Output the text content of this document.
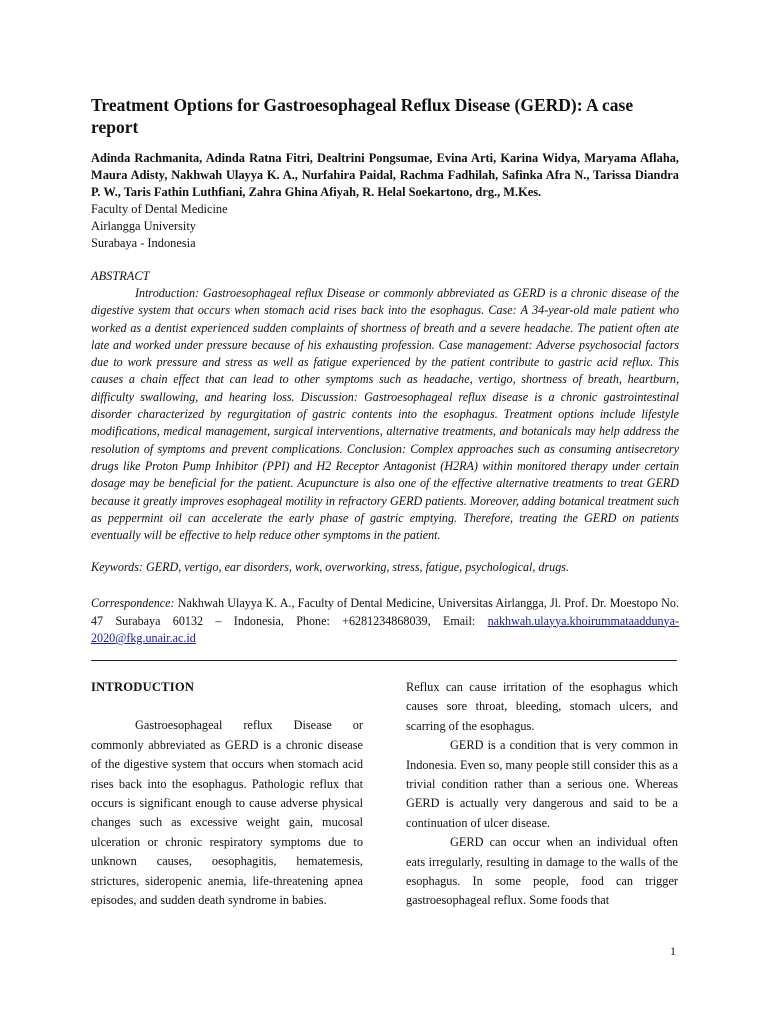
Treatment Options for Gastroesophageal Reflux Disease (GERD): A case report

Adinda Rachmanita, Adinda Ratna Fitri, Dealtrini Pongsumae, Evina Arti, Karina Widya, Maryama Aflaha, Maura Adisty, Nakhwah Ulayya K. A., Nurfahira Paidal, Rachma Fadhilah, Safinka Afra N., Tarissa Diandra P. W., Taris Fathin Luthfiani, Zahra Ghina Afiyah, R. Helal Soekartono, drg., M.Kes.

Faculty of Dental Medicine
Airlangga University
Surabaya - Indonesia
ABSTRACT

Introduction: Gastroesophageal reflux Disease or commonly abbreviated as GERD is a chronic disease of the digestive system that occurs when stomach acid rises back into the esophagus. Case: A 34-year-old male patient who worked as a dentist experienced sudden complaints of shortness of breath and a severe headache. The patient often ate late and worked under pressure because of his exhausting profession. Case management: Adverse psychosocial factors due to work pressure and stress as well as fatigue experienced by the patient contribute to gastric acid reflux. This causes a chain effect that can lead to other symptoms such as headache, vertigo, shortness of breath, heartburn, difficulty swallowing, and hearing loss. Discussion: Gastroesophageal reflux disease is a chronic gastrointestinal disorder characterized by regurgitation of gastric contents into the esophagus. Treatment options include lifestyle modifications, medical management, surgical interventions, alternative treatments, and botanicals may help address the resolution of symptoms and prevent complications. Conclusion: Complex approaches such as consuming antisecretory drugs like Proton Pump Inhibitor (PPI) and H2 Receptor Antagonist (H2RA) within monitored therapy under certain dosage may be beneficial for the patient. Acupuncture is also one of the effective alternative treatments to treat GERD because it greatly improves esophageal motility in refractory GERD patients. Moreover, adding botanical treatment such as peppermint oil can accelerate the early phase of gastric emptying. Therefore, treating the GERD on patients eventually will be effective to help reduce other symptoms in the patient.

Keywords: GERD, vertigo, ear disorders, work, overworking, stress, fatigue, psychological, drugs.

Correspondence: Nakhwah Ulayya K. A., Faculty of Dental Medicine, Universitas Airlangga, Jl. Prof. Dr. Moestopo No. 47 Surabaya 60132 – Indonesia, Phone: +6281234868039, Email: nakhwah.ulayya.khoirummataaddunya-2020@fkg.unair.ac.id

INTRODUCTION

Gastroesophageal reflux Disease or commonly abbreviated as GERD is a chronic disease of the digestive system that occurs when stomach acid rises back into the esophagus. Pathologic reflux that occurs is significant enough to cause adverse physical changes such as excessive weight gain, mucosal ulceration or chronic respiratory symptoms due to unknown causes, oesophagitis, hematemesis, strictures, sideropenic anemia, life-threatening apnea episodes, and sudden death syndrome in babies.

Reflux can cause irritation of the esophagus which causes sore throat, bleeding, stomach ulcers, and scarring of the esophagus.

GERD is a condition that is very common in Indonesia. Even so, many people still consider this as a trivial condition rather than a serious one. Whereas GERD is actually very dangerous and said to be a continuation of ulcer disease.

GERD can occur when an individual often eats irregularly, resulting in damage to the walls of the esophagus. In some people, food can trigger gastroesophageal reflux. Some foods that

1
